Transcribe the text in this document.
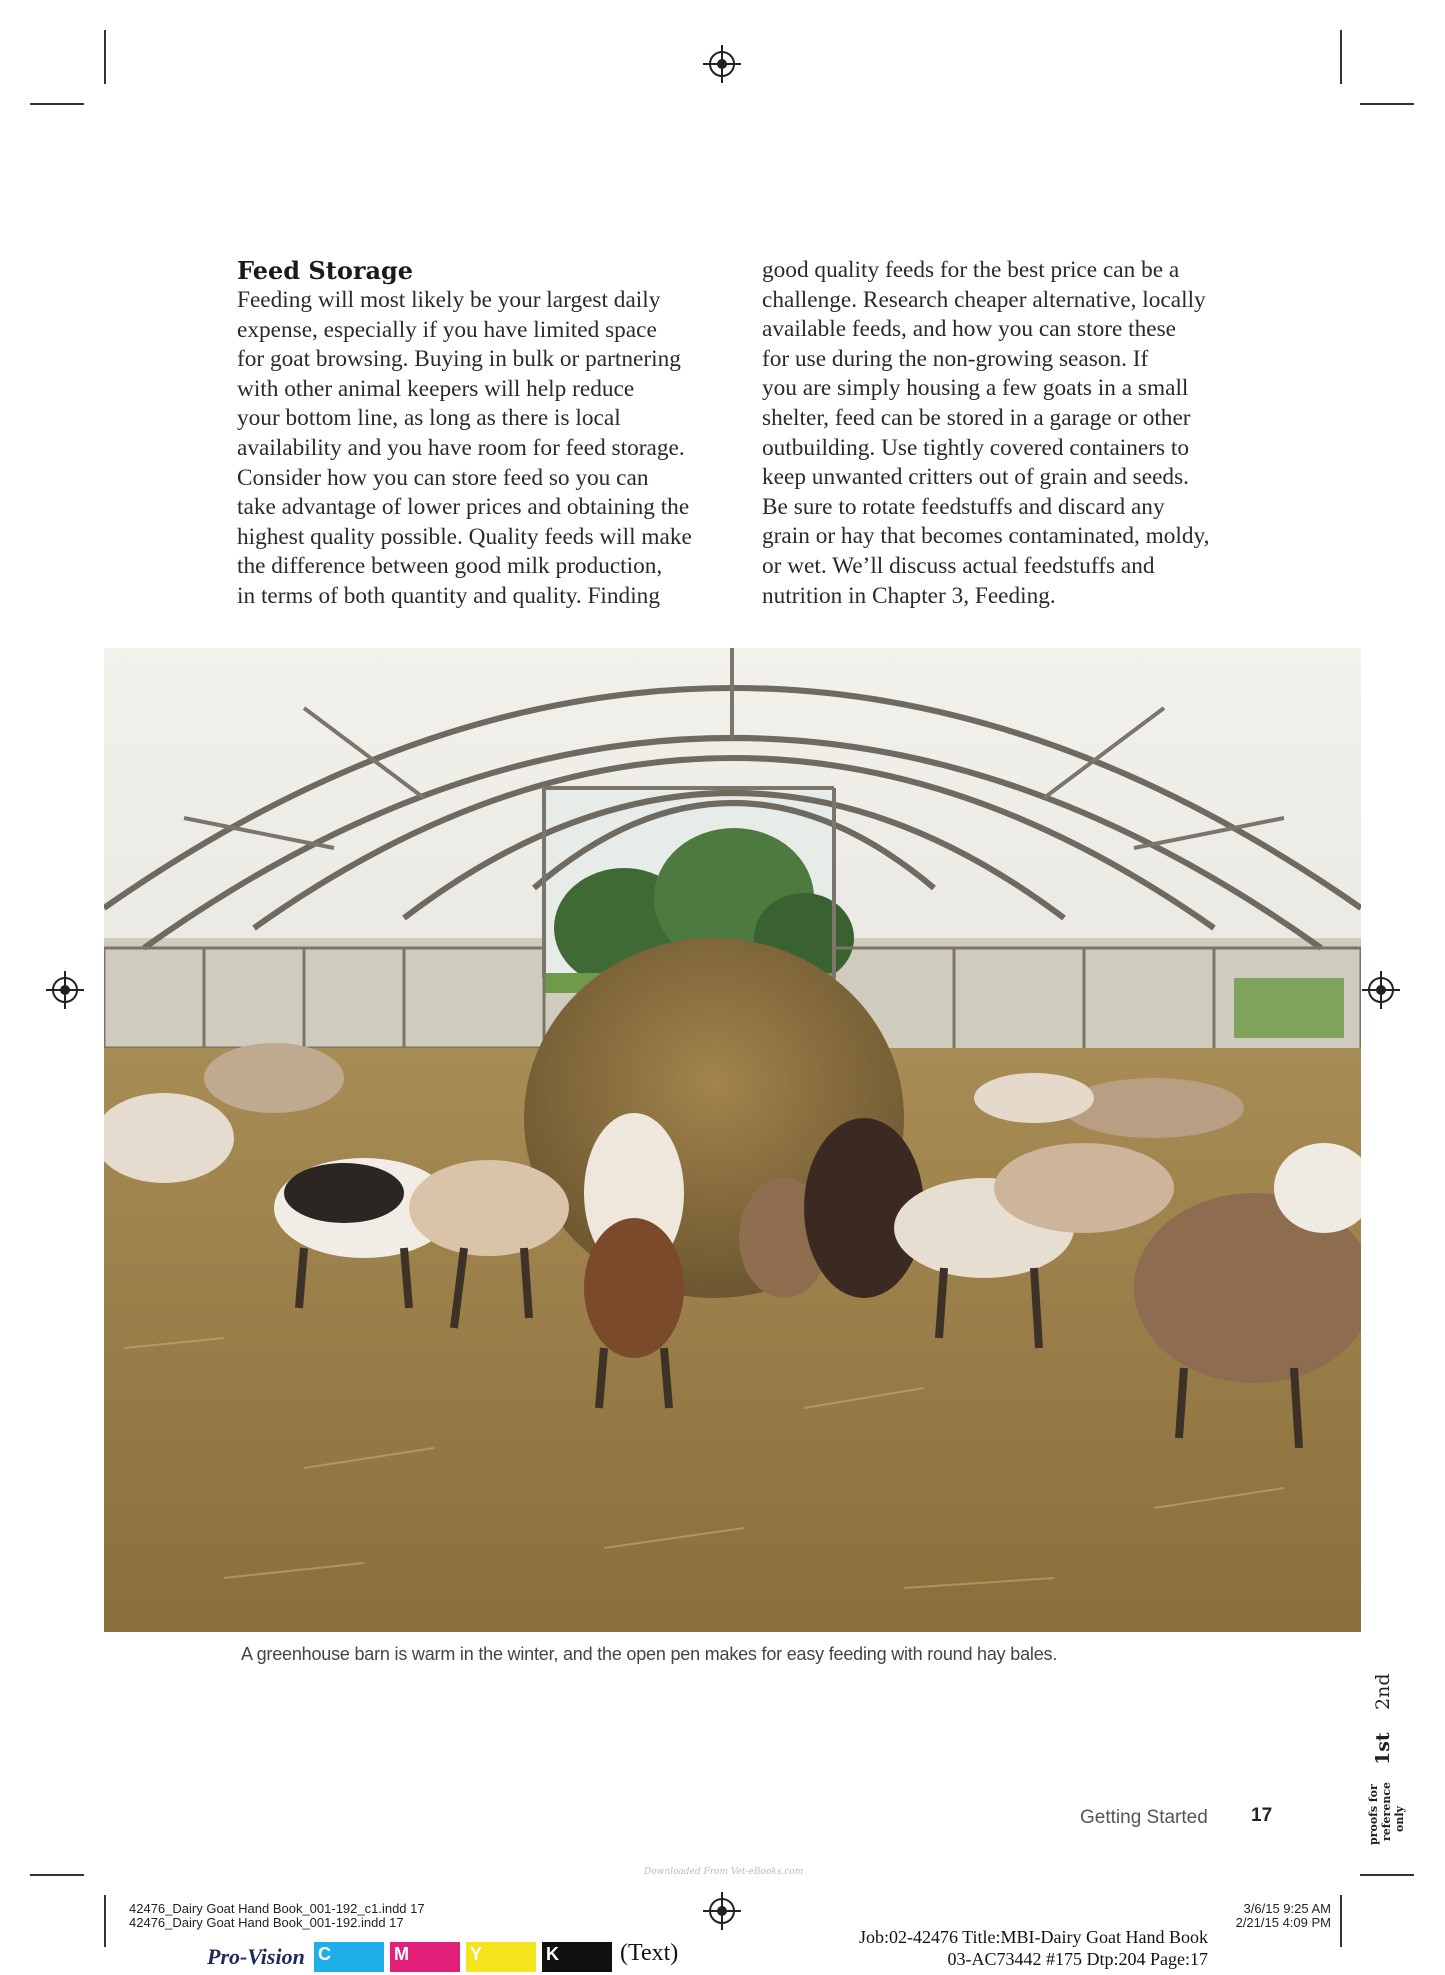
Feed Storage
Feeding will most likely be your largest daily
expense, especially if you have limited space
for goat browsing. Buying in bulk or partnering
with other animal keepers will help reduce
your bottom line, as long as there is local
availability and you have room for feed storage.
Consider how you can store feed so you can
take advantage of lower prices and obtaining the
highest quality possible. Quality feeds will make
the difference between good milk production,
in terms of both quantity and quality. Finding
good quality feeds for the best price can be a
challenge. Research cheaper alternative, locally
available feeds, and how you can store these
for use during the non-growing season. If
you are simply housing a few goats in a small
shelter, feed can be stored in a garage or other
outbuilding. Use tightly covered containers to
keep unwanted critters out of grain and seeds.
Be sure to rotate feedstuffs and discard any
grain or hay that becomes contaminated, moldy,
or wet. We’ll discuss actual feedstuffs and
nutrition in Chapter 3, Feeding.
A greenhouse barn is warm in the winter, and the open pen makes for easy feeding with round hay bales.
2nd
1st
proofs for reference only
Getting Started 17
Downloaded From Vet-eBooks.com
42476_Dairy Goat Hand Book_001-192_c1.indd 17
42476_Dairy Goat Hand Book_001-192.indd 17
3/6/15 9:25 AM
2/21/15 4:09 PM
Job:02-42476 Title:MBI-Dairy Goat Hand Book
03-AC73442 #175 Dtp:204 Page:17
Pro-Vision C	M	Y	K	(Text)
